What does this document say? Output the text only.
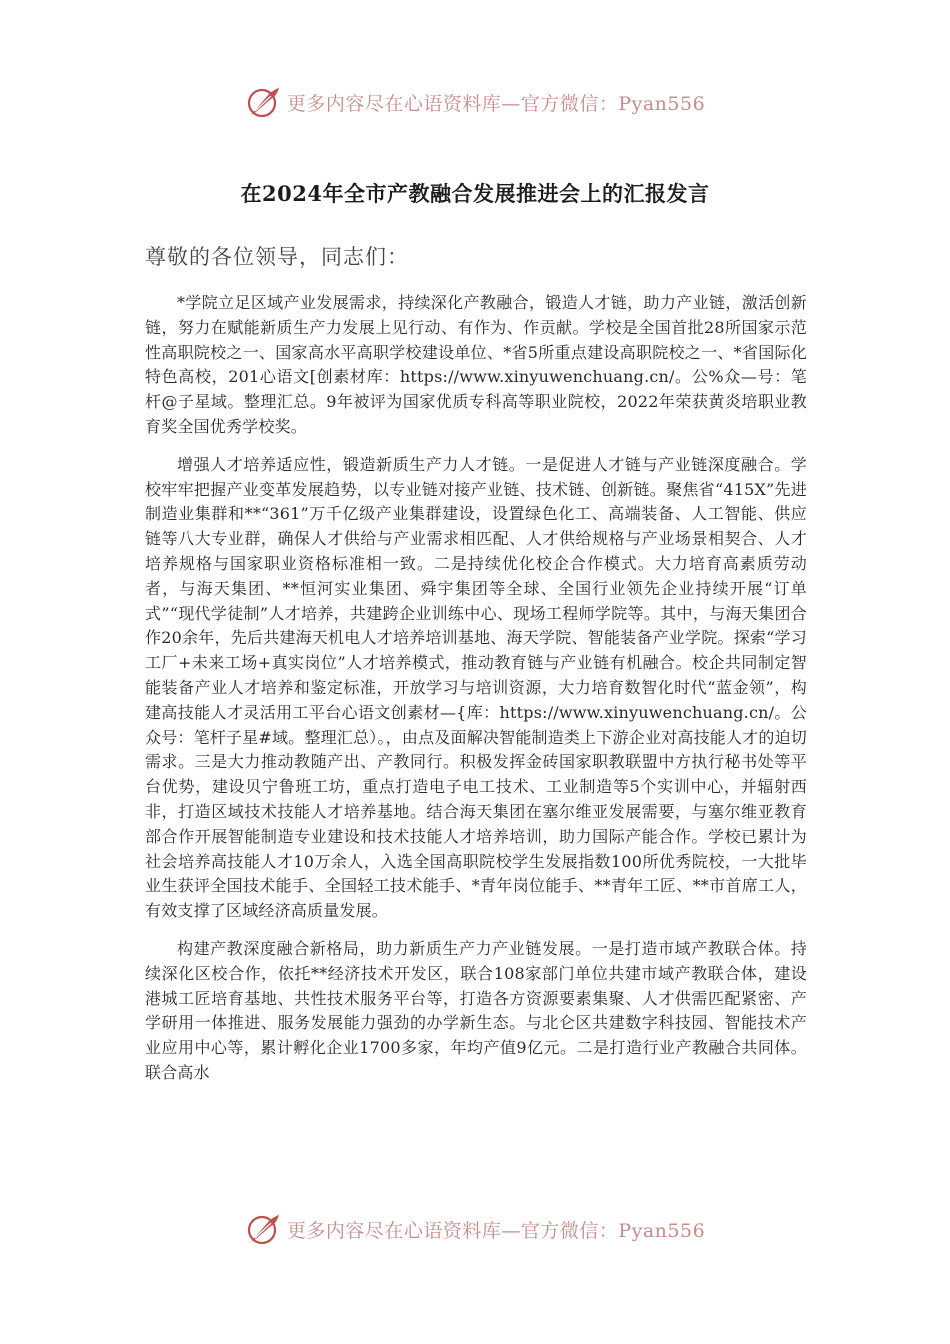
更多内容尽在心语资料库—官方微信：Pyan556
在2024年全市产教融合发展推进会上的汇报发言
尊敬的各位领导，同志们：

*学院立足区域产业发展需求，持续深化产教融合，锻造人才链，助力产业链，激活创新链，努力在赋能新质生产力发展上见行动、有作为、作贡献。学校是全国首批28所国家示范性高职院校之一、国家高水平高职学校建设单位、*省5所重点建设高职院校之一、*省国际化特色高校，201心语文[创素材库：https://www.xinyuwenchuang.cn/。公%众—号：笔杆@子星域。整理汇总。9年被评为国家优质专科高等职业院校，2022年荣获黄炎培职业教育奖全国优秀学校奖。

增强人才培养适应性，锻造新质生产力人才链。一是促进人才链与产业链深度融合。学校牢牢把握产业变革发展趋势，以专业链对接产业链、技术链、创新链。聚焦省“415X”先进制造业集群和**“361”万千亿级产业集群建设，设置绿色化工、高端装备、人工智能、供应链等八大专业群，确保人才供给与产业需求相匹配、人才供给规格与产业场景相契合、人才培养规格与国家职业资格标准相一致。二是持续优化校企合作模式。大力培育高素质劳动者，与海天集团、**恒河实业集团、舜宇集团等全球、全国行业领先企业持续开展“订单式”“现代学徒制”人才培养，共建跨企业训练中心、现场工程师学院等。其中，与海天集团合作20余年，先后共建海天机电人才培养培训基地、海天学院、智能装备产业学院。探索“学习工厂+未来工场+真实岗位”人才培养模式，推动教育链与产业链有机融合。校企共同制定智能装备产业人才培养和鉴定标准，开放学习与培训资源，大力培育数智化时代“蓝金领”，构建高技能人才灵活用工平台心语文创素材—{库：https://www.xinyuwenchuang.cn/。公众号：笔杆子星#域。整理汇总）。，由点及面解决智能制造类上下游企业对高技能人才的迫切需求。三是大力推动教随产出、产教同行。积极发挥金砖国家职教联盟中方执行秘书处等平台优势，建设贝宁鲁班工坊，重点打造电子电工技术、工业制造等5个实训中心，并辐射西非，打造区域技术技能人才培养基地。结合海天集团在塞尔维亚发展需要，与塞尔维亚教育部合作开展智能制造专业建设和技术技能人才培养培训，助力国际产能合作。学校已累计为社会培养高技能人才10万余人，入选全国高职院校学生发展指数100所优秀院校，一大批毕业生获评全国技术能手、全国轻工技术能手、*青年岗位能手、**青年工匠、**市首席工人，有效支撑了区域经济高质量发展。

构建产教深度融合新格局，助力新质生产力产业链发展。一是打造市域产教联合体。持续深化区校合作，依托**经济技术开发区，联合108家部门单位共建市域产教联合体，建设港城工匠培育基地、共性技术服务平台等，打造各方资源要素集聚、人才供需匹配紧密、产学研用一体推进、服务发展能力强劲的办学新生态。与北仑区共建数字科技园、智能技术产业应用中心等，累计孵化企业1700多家，年均产值9亿元。二是打造行业产教融合共同体。联合高水

更多内容尽在心语资料库—官方微信：Pyan556
